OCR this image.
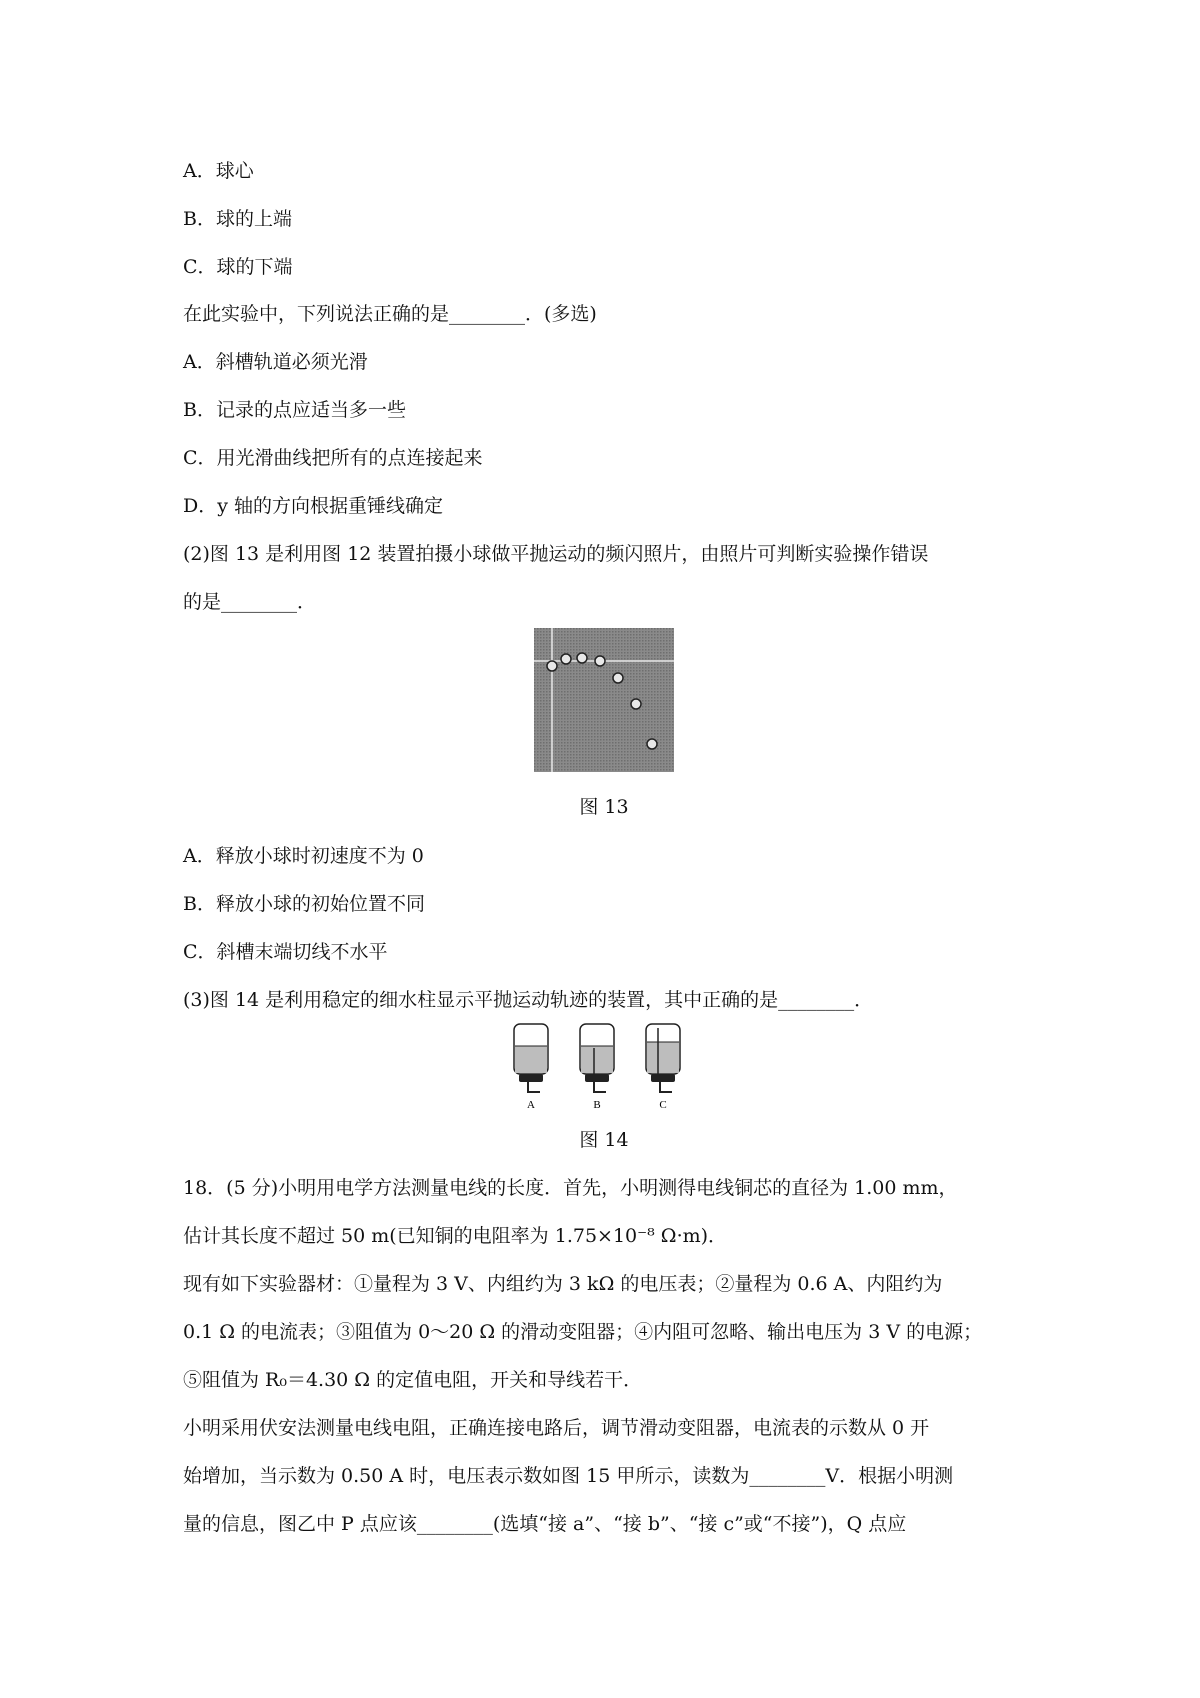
A．球心
B．球的上端
C．球的下端
在此实验中，下列说法正确的是________．(多选)
A．斜槽轨道必须光滑
B．记录的点应适当多一些
C．用光滑曲线把所有的点连接起来
D．y 轴的方向根据重锤线确定
(2)图 13 是利用图 12 装置拍摄小球做平抛运动的频闪照片，由照片可判断实验操作错误
的是________．
图 13
A．释放小球时初速度不为 0
B．释放小球的初始位置不同
C．斜槽末端切线不水平
(3)图 14 是利用稳定的细水柱显示平抛运动轨迹的装置，其中正确的是________．
A	B	C
图 14
18．(5 分)小明用电学方法测量电线的长度．首先，小明测得电线铜芯的直径为 1.00 mm，
估计其长度不超过 50 m(已知铜的电阻率为 1.75×10⁻⁸ Ω·m)．
现有如下实验器材：①量程为 3 V、内组约为 3 kΩ 的电压表；②量程为 0.6 A、内阻约为
0.1 Ω 的电流表；③阻值为 0～20 Ω 的滑动变阻器；④内阻可忽略、输出电压为 3 V 的电源；
⑤阻值为 R₀＝4.30 Ω 的定值电阻，开关和导线若干．
小明采用伏安法测量电线电阻，正确连接电路后，调节滑动变阻器，电流表的示数从 0 开
始增加，当示数为 0.50 A 时，电压表示数如图 15 甲所示，读数为________V．根据小明测
量的信息，图乙中 P 点应该________(选填“接 a”、“接 b”、“接 c”或“不接”)，Q 点应
